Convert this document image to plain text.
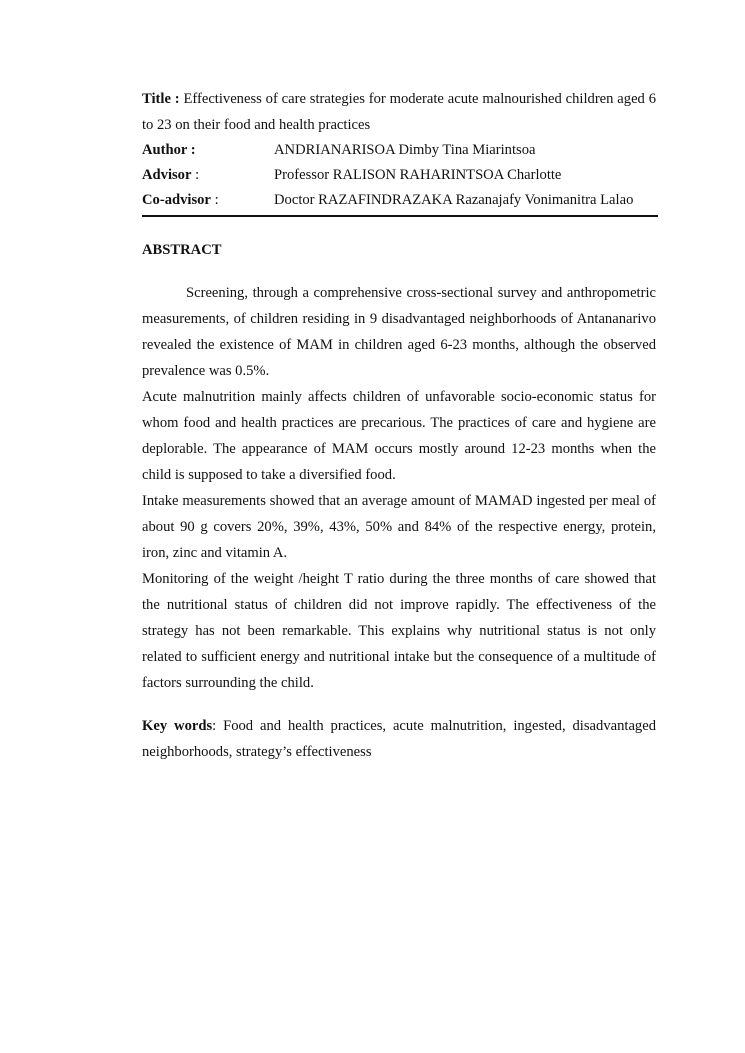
Title : Effectiveness of care strategies for moderate acute malnourished children aged 6 to 23 on their food and health practices
Author :	ANDRIANARISOA Dimby Tina Miarintsoa
Advisor :	Professor RALISON RAHARINTSOA Charlotte
Co-advisor :	Doctor RAZAFINDRAZAKA Razanajafy Vonimanitra Lalao
ABSTRACT

Screening, through a comprehensive cross-sectional survey and anthropometric measurements, of children residing in 9 disadvantaged neighborhoods of Antananarivo revealed the existence of MAM in children aged 6-23 months, although the observed prevalence was 0.5%.

Acute malnutrition mainly affects children of unfavorable socio-economic status for whom food and health practices are precarious. The practices of care and hygiene are deplorable. The appearance of MAM occurs mostly around 12-23 months when the child is supposed to take a diversified food.

Intake measurements showed that an average amount of MAMAD ingested per meal of about 90 g covers 20%, 39%, 43%, 50% and 84% of the respective energy, protein, iron, zinc and vitamin A.

Monitoring of the weight /height T ratio during the three months of care showed that the nutritional status of children did not improve rapidly. The effectiveness of the strategy has not been remarkable. This explains why nutritional status is not only related to sufficient energy and nutritional intake but the consequence of a multitude of factors surrounding the child.

Key words: Food and health practices, acute malnutrition, ingested, disadvantaged neighborhoods, strategy’s effectiveness
